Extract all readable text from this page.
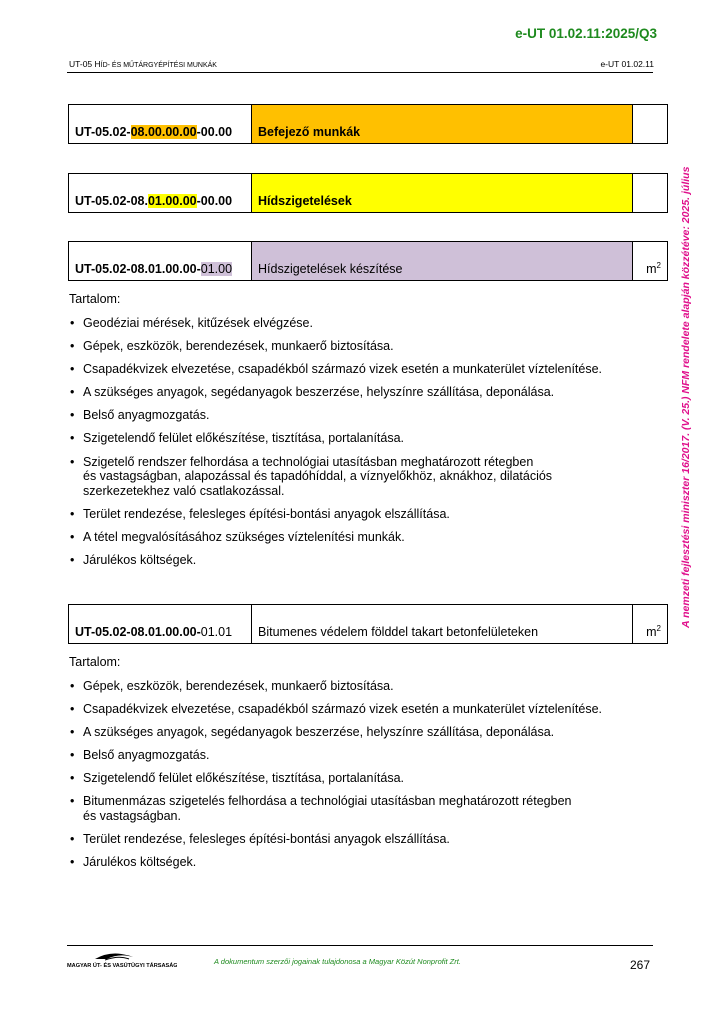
e-UT 01.02.11:2025/Q3
UT-05 HÍD- ÉS MŰTÁRGYÉPÍTÉSI MUNKÁK	e-UT 01.02.11
UT-05.02-08.00.00.00-00.00	Befejező munkák	
UT-05.02-08.01.00.00-00.00	Hídszigetelések	
UT-05.02-08.01.00.00-01.00	Hídszigetelések készítése	$m^2$
Tartalom:
• Geodéziai mérések, kitűzések elvégzése.
• Gépek, eszközök, berendezések, munkaerő biztosítása.
• Csapadékvizek elvezetése, csapadékból származó vizek esetén a munkaterület víztelenítése.
• A szükséges anyagok, segédanyagok beszerzése, helyszínre szállítása, deponálása.
• Belső anyagmozgatás.
• Szigetelendő felület előkészítése, tisztítása, portalanítása.
• Szigetelő rendszer felhordása a technológiai utasításban meghatározott rétegben
és vastagságban, alapozással és tapadóhíddal, a víznyelőkhöz, aknákhoz, dilatációs
szerkezetekhez való csatlakozással.
• Terület rendezése, felesleges építési-bontási anyagok elszállítása.
• A tétel megvalósításához szükséges víztelenítési munkák.
• Járulékos költségek.
UT-05.02-08.01.00.00-01.01	Bitumenes védelem földdel takart betonfelületeken	$m^2$
Tartalom:
• Gépek, eszközök, berendezések, munkaerő biztosítása.
• Csapadékvizek elvezetése, csapadékból származó vizek esetén a munkaterület víztelenítése.
• A szükséges anyagok, segédanyagok beszerzése, helyszínre szállítása, deponálása.
• Belső anyagmozgatás.
• Szigetelendő felület előkészítése, tisztítása, portalanítása.
• Bitumenmázas szigetelés felhordása a technológiai utasításban meghatározott rétegben
és vastagságban.
• Terület rendezése, felesleges építési-bontási anyagok elszállítása.
• Járulékos költségek.
A nemzeti fejlesztési miniszter 16/2017. (V. 25.) NFM rendelete alapján közzétéve: 2025. július
MAGYAR ÚT- ÉS VASÚTÜGYI TÁRSASÁG	A dokumentum szerzői jogainak tulajdonosa a Magyar Közút Nonprofit Zrt.	267
